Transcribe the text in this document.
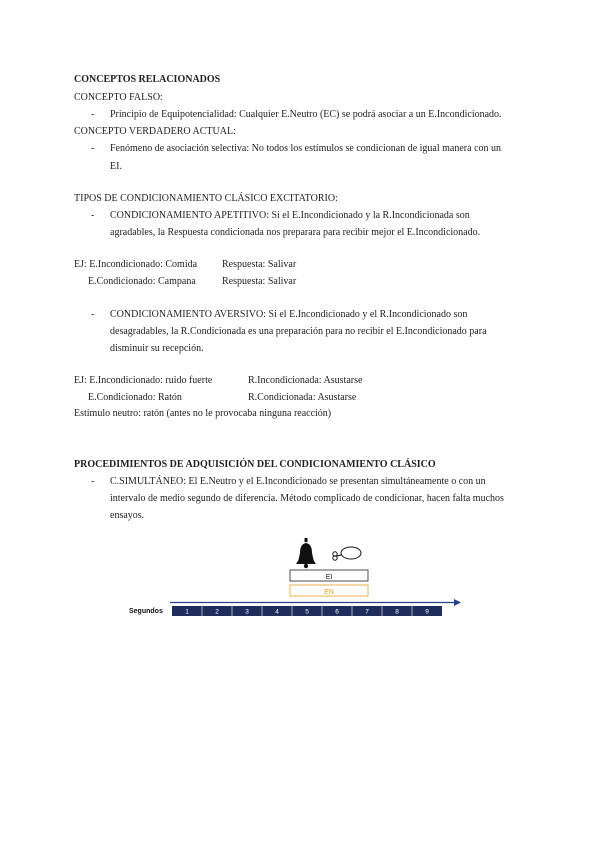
CONCEPTOS RELACIONADOS
CONCEPTO FALSO:
- Principio de Equipotencialidad: Cualquier E.Neutro (EC) se podrá asociar a un E.Incondicionado.
CONCEPTO VERDADERO ACTUAL:
- Fenómeno de asociación selectiva: No todos los estímulos se condicionan de igual manera con un
EI.
TIPOS DE CONDICIONAMIENTO CLÁSICO EXCITATORIO:
- CONDICIONAMIENTO APETITIVO: Si el E.Incondicionado y la R.Incondicionada son
agradables, la Respuesta condicionada nos preparara para recibir mejor el E.Incondicionado.
EJ: E.Incondicionado: Comida Respuesta: Salivar
E.Condicionado: Campana	Respuesta: Salivar
- CONDICIONAMIENTO AVERSIVO: Si el E.Incondicionado y el R.Incondicionado son
desagradables, la R.Condicionada es una preparación para no recibir el E.Incondicionado para
disminuir su recepción.
EJ: E.Incondicionado: ruido fuerte	R.Incondicionada: Asustarse
E.Condicionado: Ratón	R.Condicionada: Asustarse
Estímulo neutro: ratón (antes no le provocaba ninguna reacción)
PROCEDIMIENTOS DE ADQUISICIÓN DEL CONDICIONAMIENTO CLÁSICO
- C.SIMULTÁNEO: El E.Neutro y el E.Incondicionado se presentan simultáneamente o con un
intervalo de medio segundo de diferencia. Método complicado de condicionar, hacen falta muchos
ensayos.
EI
EN
Segundos	1	2	3	4	5	6	7	8	9
